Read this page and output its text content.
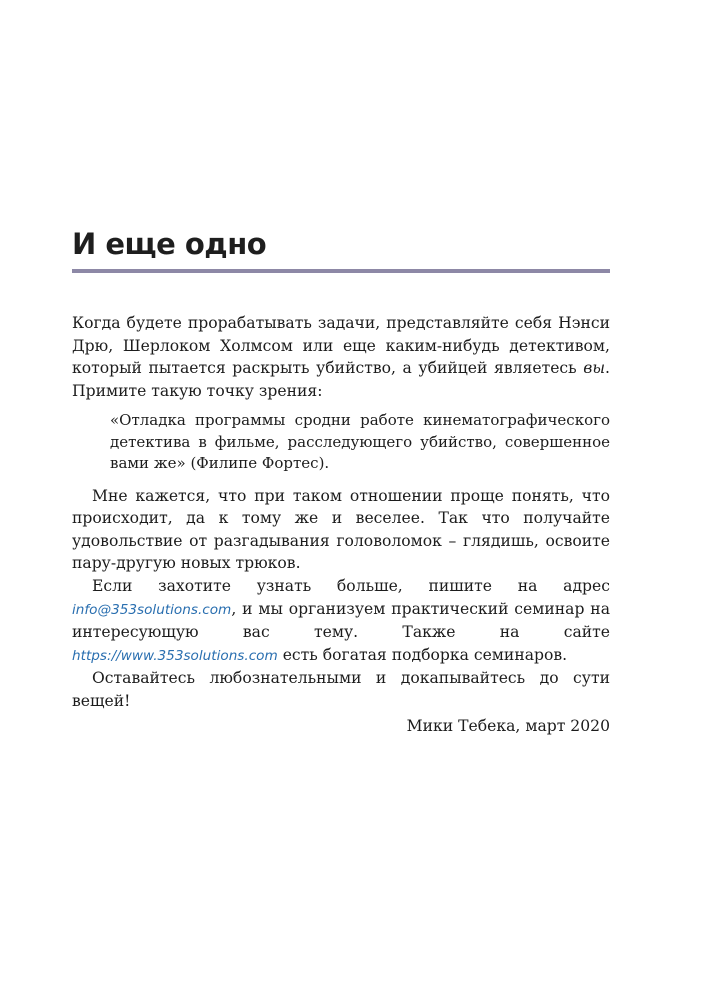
И еще одно

Когда будете прорабатывать задачи, представляйте себя Нэнси Дрю, Шерлоком Холмсом или еще каким-нибудь детективом, который пытается раскрыть убийство, а убийцей являетесь вы. Примите такую точку зрения:

«Отладка программы сродни работе кинематографического детектива в фильме, расследующего убийство, совершенное вами же» (Филипе Фортес).

Мне кажется, что при таком отношении проще понять, что происходит, да к тому же и веселее. Так что получайте удовольствие от разгадывания головоломок – глядишь, освоите пару-другую новых трюков.

Если захотите узнать больше, пишите на адрес info@353solutions.com, и мы организуем практический семинар на интересующую вас тему. Также на сайте https://www.353solutions.com есть богатая подборка семинаров.

Оставайтесь любознательными и докапывайтесь до сути вещей!

Мики Тебека, март 2020
